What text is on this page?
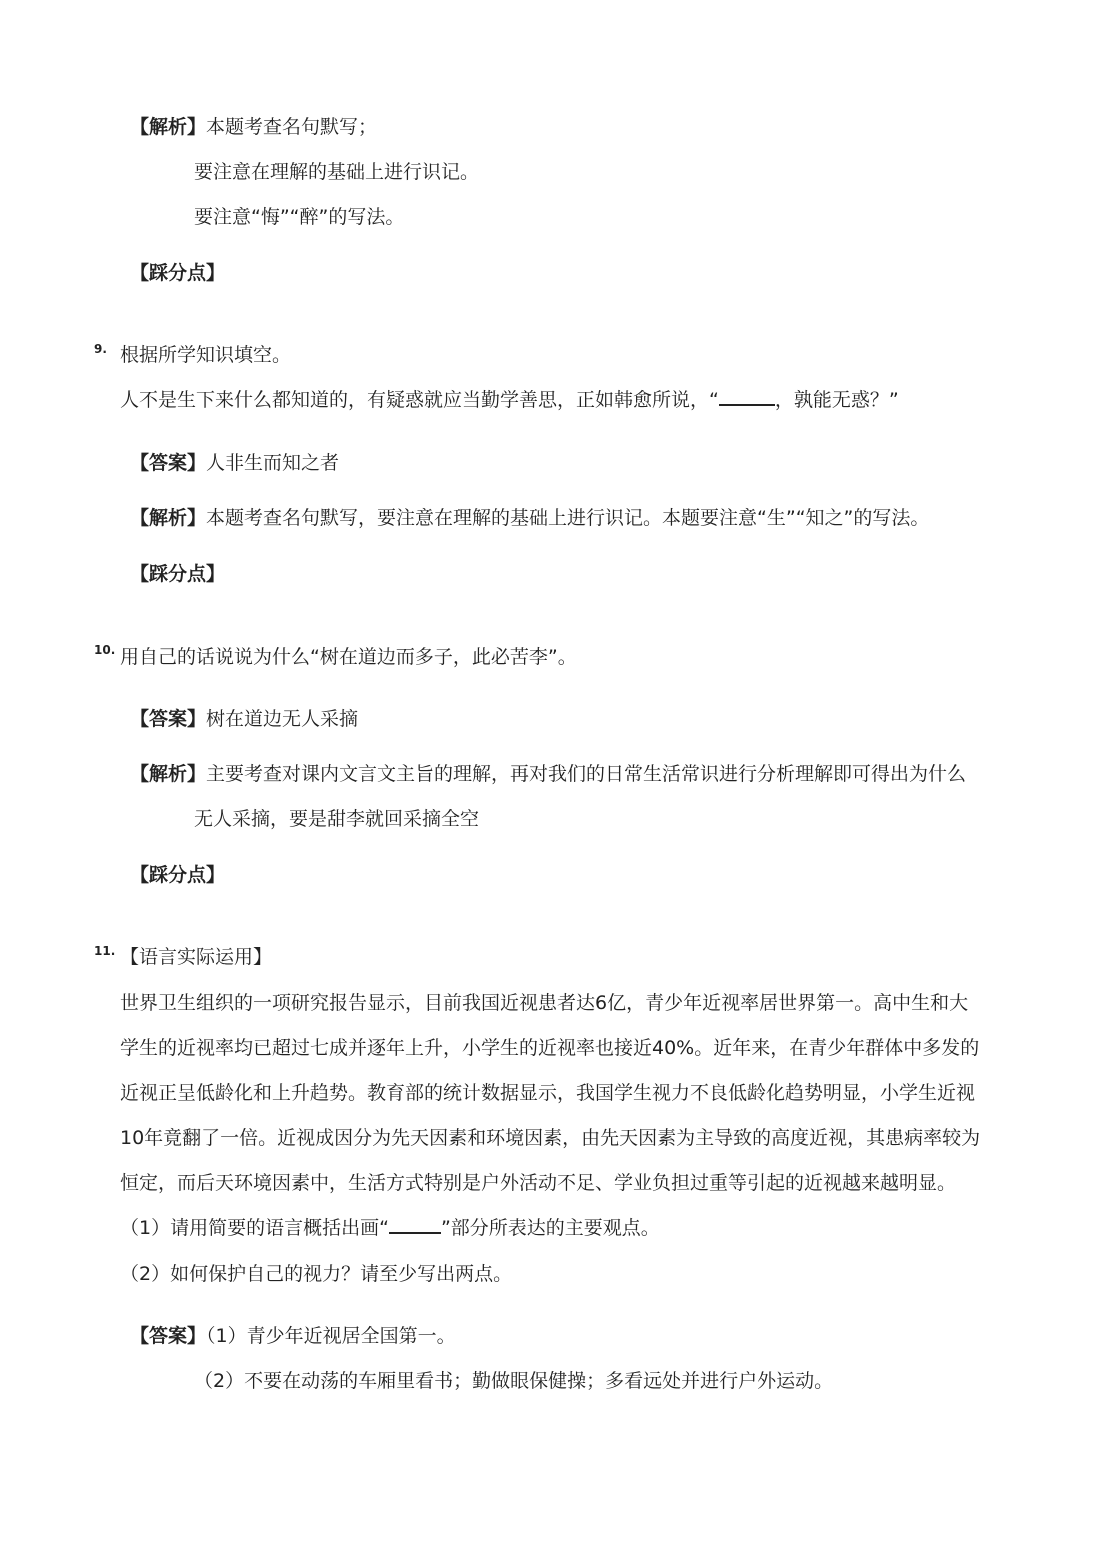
【解析】本题考查名句默写；
要注意在理解的基础上进行识记。
要注意“悔”“醉”的写法。
【踩分点】
9. 根据所学知识填空。
人不是生下来什么都知道的，有疑惑就应当勤学善思，正如韩愈所说，“	，孰能无惑？”
【答案】人非生而知之者
【解析】本题考查名句默写，要注意在理解的基础上进行识记。本题要注意“生”“知之”的写法。
【踩分点】
10. 用自己的话说说为什么“树在道边而多子，此必苦李”。
【答案】树在道边无人采摘
【解析】主要考查对课内文言文主旨的理解，再对我们的日常生活常识进行分析理解即可得出为什么
无人采摘，要是甜李就回采摘全空
【踩分点】
11. 【语言实际运用】
世界卫生组织的一项研究报告显示，目前我国近视患者达6亿，青少年近视率居世界第一。高中生和大
学生的近视率均已超过七成并逐年上升，小学生的近视率也接近40%。近年来，在青少年群体中多发的
近视正呈低龄化和上升趋势。教育部的统计数据显示，我国学生视力不良低龄化趋势明显，小学生近视
10年竟翻了一倍。近视成因分为先天因素和环境因素，由先天因素为主导致的高度近视，其患病率较为
恒定，而后天环境因素中，生活方式特别是户外活动不足、学业负担过重等引起的近视越来越明显。
（1）请用简要的语言概括出画“	”部分所表达的主要观点。
（2）如何保护自己的视力？请至少写出两点。
【答案】（1）青少年近视居全国第一。
（2）不要在动荡的车厢里看书；勤做眼保健操；多看远处并进行户外运动。
